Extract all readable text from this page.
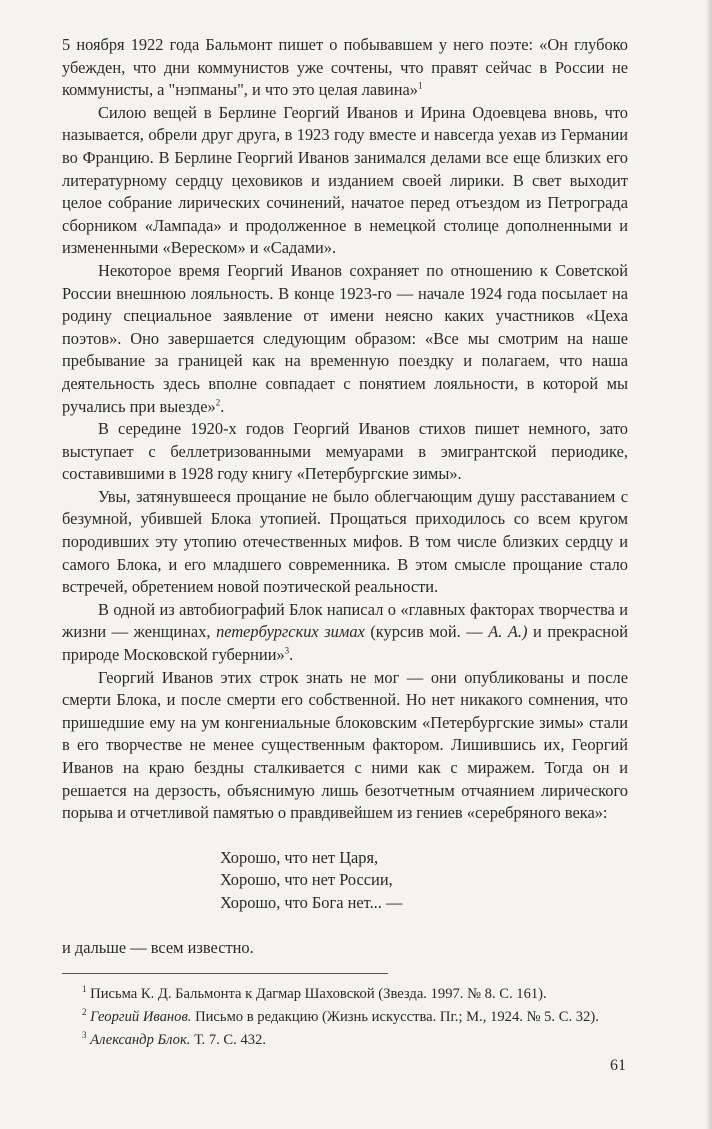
5 ноября 1922 года Бальмонт пишет о побывавшем у него поэте: «Он глубоко убежден, что дни коммунистов уже сочтены, что правят сейчас в России не коммунисты, а "нэпманы", и что это целая лавина»$^1$

Силою вещей в Берлине Георгий Иванов и Ирина Одоевцева вновь, что называется, обрели друг друга, в 1923 году вместе и навсегда уехав из Германии во Францию. В Берлине Георгий Иванов занимался делами все еще близких его литературному сердцу цеховиков и изданием своей лирики. В свет выходит целое собрание лирических сочинений, начатое перед отъездом из Петрограда сборником «Лампада» и продолженное в немецкой столице дополненными и измененными «Вереском» и «Садами».

Некоторое время Георгий Иванов сохраняет по отношению к Советской России внешнюю лояльность. В конце 1923-го — начале 1924 года посылает на родину специальное заявление от имени неясно каких участников «Цеха поэтов». Оно завершается следующим образом: «Все мы смотрим на наше пребывание за границей как на временную поездку и полагаем, что наша деятельность здесь вполне совпадает с понятием лояльности, в которой мы ручались при выезде»$^2$.

В середине 1920-х годов Георгий Иванов стихов пишет немного, зато выступает с беллетризованными мемуарами в эмигрантской периодике, составившими в 1928 году книгу «Петербургские зимы».

Увы, затянувшееся прощание не было облегчающим душу расставанием с безумной, убившей Блока утопией. Прощаться приходилось со всем кругом породивших эту утопию отечественных мифов. В том числе близких сердцу и самого Блока, и его младшего современника. В этом смысле прощание стало встречей, обретением новой поэтической реальности.

В одной из автобиографий Блок написал о «главных факторах творчества и жизни — женщинах, петербургских зимах (курсив мой. — А. А.) и прекрасной природе Московской губернии»$^3$.

Георгий Иванов этих строк знать не мог — они опубликованы и после смерти Блока, и после смерти его собственной. Но нет никакого сомнения, что пришедшие ему на ум конгениальные блоковским «Петербургские зимы» стали в его творчестве не менее существенным фактором. Лишившись их, Георгий Иванов на краю бездны сталкивается с ними как с миражем. Тогда он и решается на дерзость, объяснимую лишь безотчетным отчаянием лирического порыва и отчетливой памятью о правдивейшем из гениев «серебряного века»:

Хорошо, что нет Царя,
Хорошо, что нет России,
Хорошо, что Бога нет... —

и дальше — всем известно.

$^1$ Письма К. Д. Бальмонта к Дагмар Шаховской (Звезда. 1997. № 8. С. 161).

$^2$ Георгий Иванов. Письмо в редакцию (Жизнь искусства. Пг.; М., 1924. № 5. С. 32).

$^3$ Александр Блок. Т. 7. С. 432.

61
